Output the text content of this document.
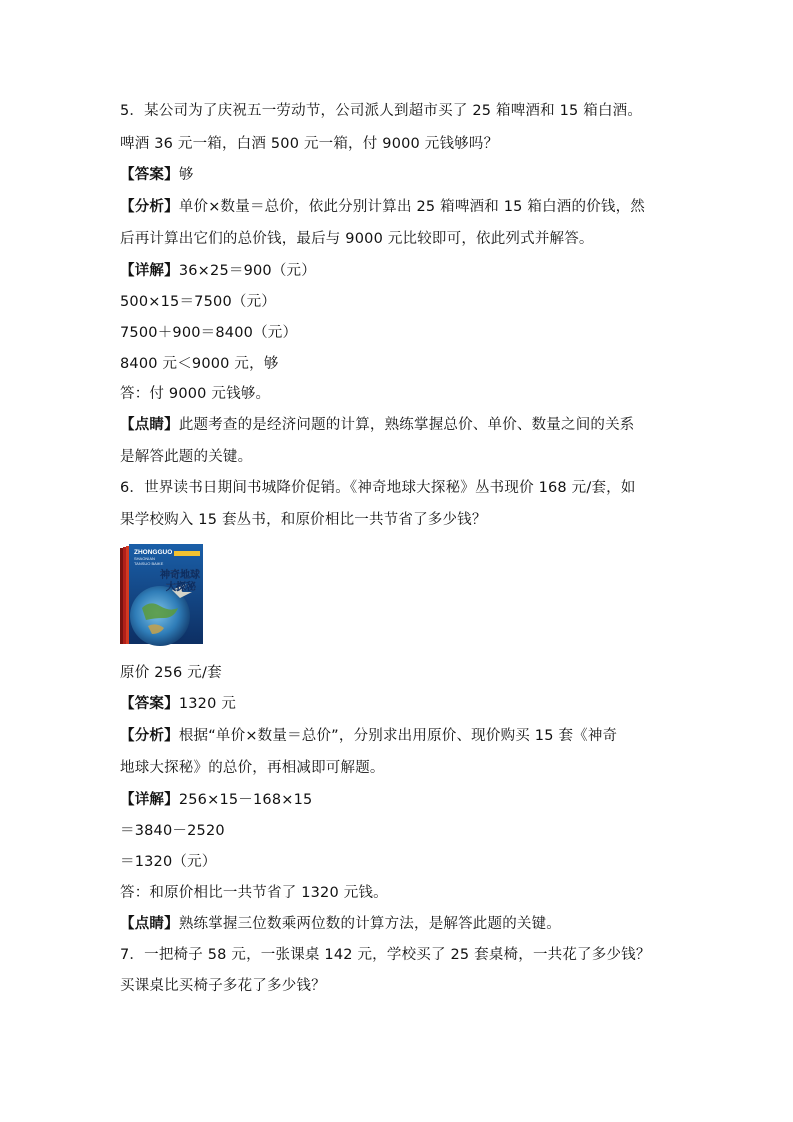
5．某公司为了庆祝五一劳动节，公司派人到超市买了 25 箱啤酒和 15 箱白酒。
啤酒 36 元一箱，白酒 500 元一箱，付 9000 元钱够吗？
【答案】够
【分析】单价×数量＝总价，依此分别计算出 25 箱啤酒和 15 箱白酒的价钱，然
后再计算出它们的总价钱，最后与 9000 元比较即可，依此列式并解答。
【详解】36×25＝900（元）
500×15＝7500（元）
7500＋900＝8400（元）
8400 元＜9000 元，够
答：付 9000 元钱够。
【点睛】此题考查的是经济问题的计算，熟练掌握总价、单价、数量之间的关系
是解答此题的关键。
6．世界读书日期间书城降价促销。《神奇地球大探秘》丛书现价 168 元/套，如
果学校购入 15 套丛书，和原价相比一共节省了多少钱？
ZHONGGUO
SHAONIAN
TANSUO BAIKE
神奇地球
大探秘
原价 256 元/套
【答案】1320 元
【分析】根据“单价×数量＝总价”，分别求出用原价、现价购买 15 套《神奇
地球大探秘》的总价，再相减即可解题。
【详解】256×15－168×15
＝3840－2520
＝1320（元）
答：和原价相比一共节省了 1320 元钱。
【点睛】熟练掌握三位数乘两位数的计算方法，是解答此题的关键。
7．一把椅子 58 元，一张课桌 142 元，学校买了 25 套桌椅，一共花了多少钱？
买课桌比买椅子多花了多少钱？
